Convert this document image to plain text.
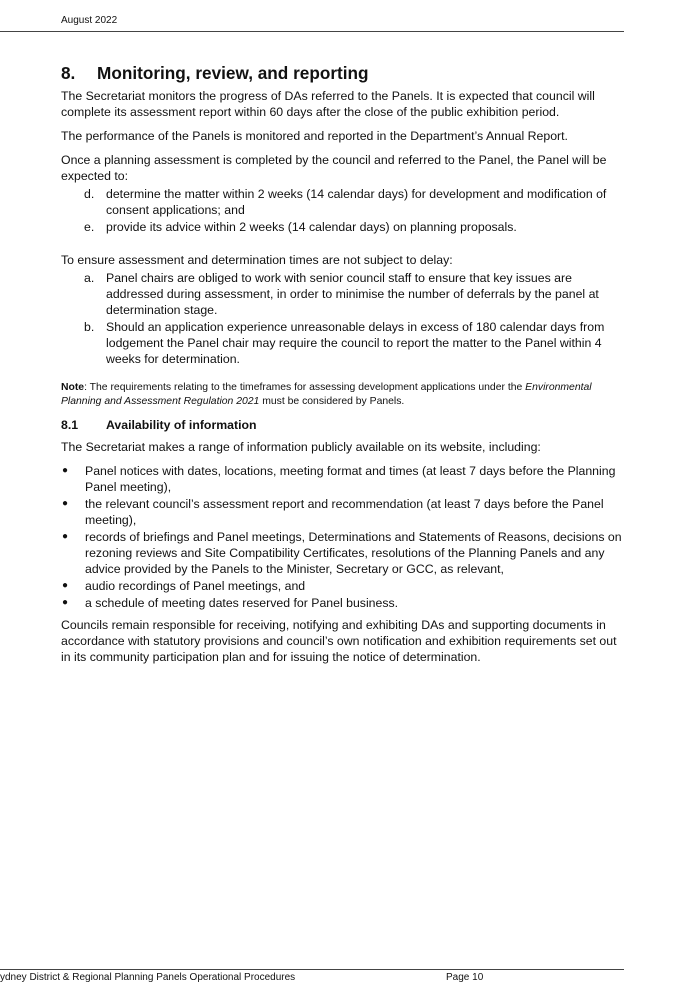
August 2022
8.	Monitoring, review, and reporting
The Secretariat monitors the progress of DAs referred to the Panels. It is expected that council will complete its assessment report within 60 days after the close of the public exhibition period.
The performance of the Panels is monitored and reported in the Department’s Annual Report.
Once a planning assessment is completed by the council and referred to the Panel, the Panel will be expected to:
d. determine the matter within 2 weeks (14 calendar days) for development and modification of consent applications; and
e. provide its advice within 2 weeks (14 calendar days) on planning proposals.
To ensure assessment and determination times are not subject to delay:
a. Panel chairs are obliged to work with senior council staff to ensure that key issues are addressed during assessment, in order to minimise the number of deferrals by the panel at determination stage.
b. Should an application experience unreasonable delays in excess of 180 calendar days from lodgement the Panel chair may require the council to report the matter to the Panel within 4 weeks for determination.
Note: The requirements relating to the timeframes for assessing development applications under the Environmental Planning and Assessment Regulation 2021 must be considered by Panels.
8.1	Availability of information
The Secretariat makes a range of information publicly available on its website, including:
●	Panel notices with dates, locations, meeting format and times (at least 7 days before the Planning Panel meeting),
●	the relevant council’s assessment report and recommendation (at least 7 days before the Panel meeting),
●	records of briefings and Panel meetings, Determinations and Statements of Reasons, decisions on rezoning reviews and Site Compatibility Certificates, resolutions of the Planning Panels and any advice provided by the Panels to the Minister, Secretary or GCC, as relevant,
●	audio recordings of Panel meetings, and
●	a schedule of meeting dates reserved for Panel business.
Councils remain responsible for receiving, notifying and exhibiting DAs and supporting documents in accordance with statutory provisions and council’s own notification and exhibition requirements set out in its community participation plan and for issuing the notice of determination.
ydney District & Regional Planning Panels Operational Procedures	Page 10
